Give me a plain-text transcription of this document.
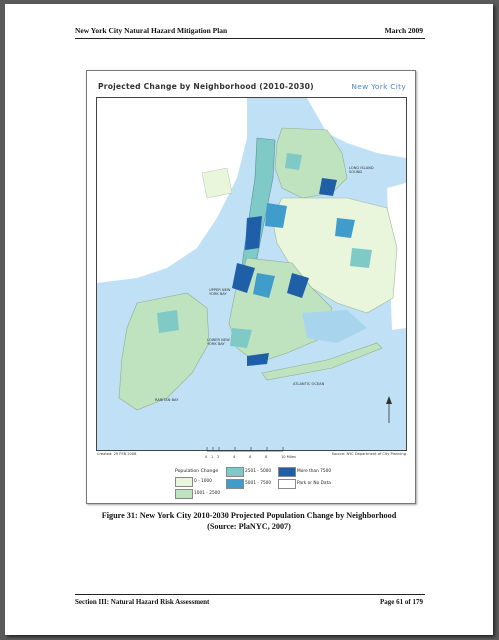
New York City Natural Hazard Mitigation Plan	March 2009
Projected Change by Neighborhood (2010-2030)	New York City
ATLANTIC OCEAN
RARITAN BAY
UPPER NEW YORK BAY
LOWER NEW YORK BAY
LONG ISLAND SOUND
Created: 29 FEB 2008	Source: NYC Department of City Planning
0 1 2	4	6	8	10 Miles
Population Change
0 - 1000
1001 - 2500
2501 - 5000
5001 - 7500
More than 7500
Park or No Data
Figure 31: New York City 2010-2030 Projected Population Change by Neighborhood
(Source: PlaNYC, 2007)
Section III: Natural Hazard Risk Assessment	Page 61 of 179
